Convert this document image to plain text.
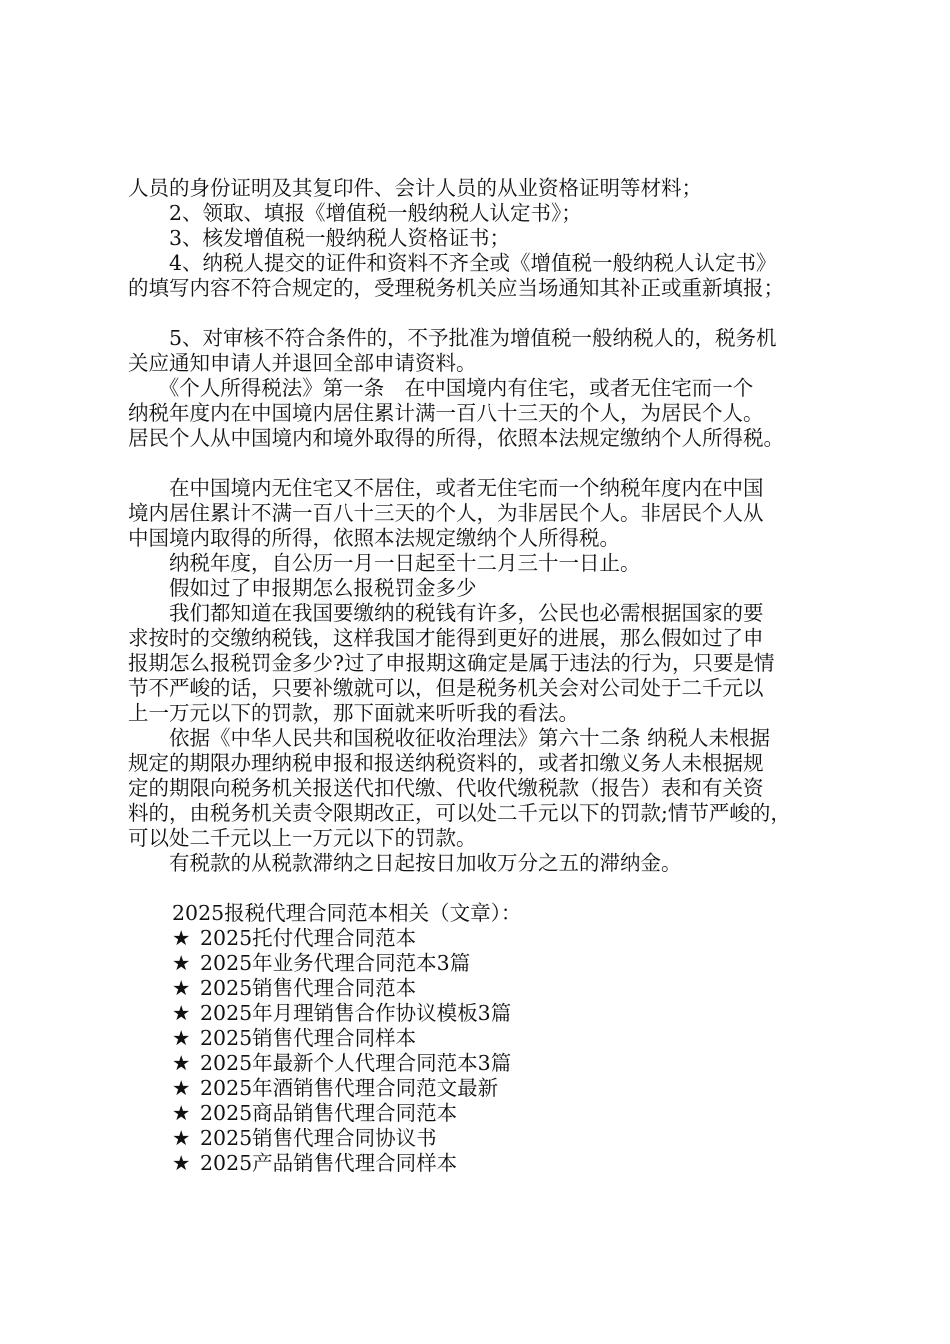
人员的身份证明及其复印件、会计人员的从业资格证明等材料；
　　2、领取、填报《增值税一般纳税人认定书》；
　　3、核发增值税一般纳税人资格证书；
　　4、纳税人提交的证件和资料不齐全或《增值税一般纳税人认定书》
的填写内容不符合规定的，受理税务机关应当场通知其补正或重新填报；
　　5、对审核不符合条件的，不予批准为增值税一般纳税人的，税务机
关应通知申请人并退回全部申请资料。
　　《个人所得税法》第一条　在中国境内有住宅，或者无住宅而一个
纳税年度内在中国境内居住累计满一百八十三天的个人，为居民个人。
居民个人从中国境内和境外取得的所得，依照本法规定缴纳个人所得税。
　　在中国境内无住宅又不居住，或者无住宅而一个纳税年度内在中国
境内居住累计不满一百八十三天的个人，为非居民个人。非居民个人从
中国境内取得的所得，依照本法规定缴纳个人所得税。
　　纳税年度，自公历一月一日起至十二月三十一日止。
　　假如过了申报期怎么报税罚金多少
　　我们都知道在我国要缴纳的税钱有许多，公民也必需根据国家的要
求按时的交缴纳税钱，这样我国才能得到更好的进展，那么假如过了申
报期怎么报税罚金多少?过了申报期这确定是属于违法的行为，只要是情
节不严峻的话，只要补缴就可以，但是税务机关会对公司处于二千元以
上一万元以下的罚款，那下面就来听听我的看法。
　　依据《中华人民共和国税收征收治理法》第六十二条 纳税人未根据
规定的期限办理纳税申报和报送纳税资料的，或者扣缴义务人未根据规
定的期限向税务机关报送代扣代缴、代收代缴税款（报告）表和有关资
料的，由税务机关责令限期改正，可以处二千元以下的罚款;情节严峻的，
可以处二千元以上一万元以下的罚款。
　　有税款的从税款滞纳之日起按日加收万分之五的滞纳金。
2025报税代理合同范本相关（文章）：
★ 2025托付代理合同范本
★ 2025年业务代理合同范本3篇
★ 2025销售代理合同范本
★ 2025年月理销售合作协议模板3篇
★ 2025销售代理合同样本
★ 2025年最新个人代理合同范本3篇
★ 2025年酒销售代理合同范文最新
★ 2025商品销售代理合同范本
★ 2025销售代理合同协议书
★ 2025产品销售代理合同样本
